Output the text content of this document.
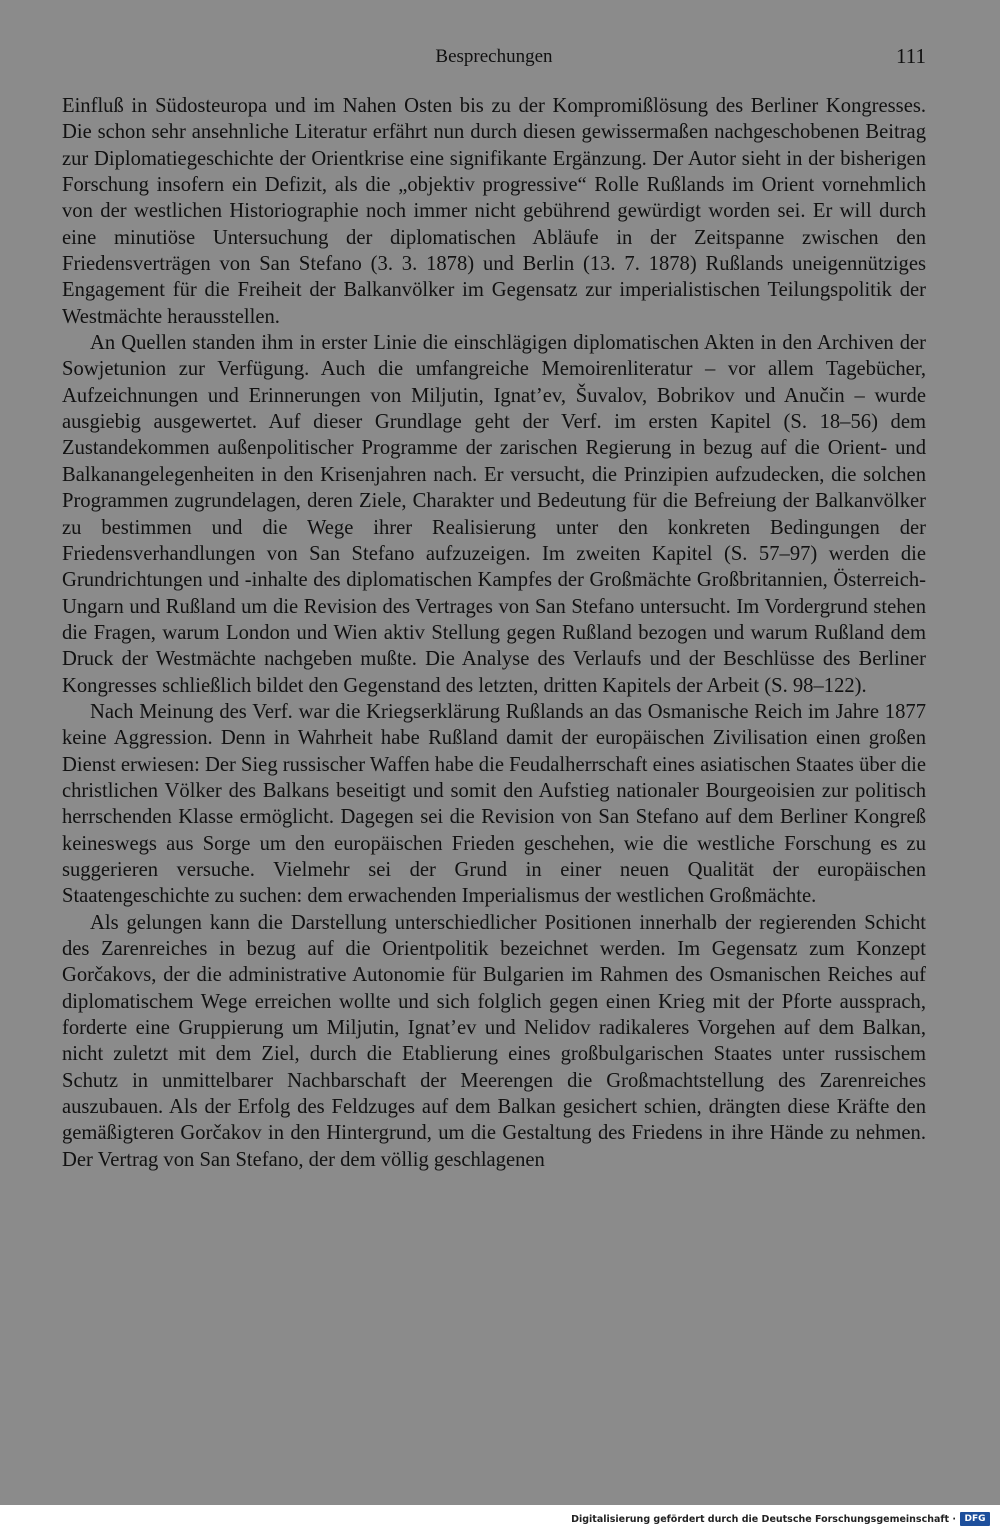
Besprechungen	111

Einfluß in Südosteuropa und im Nahen Osten bis zu der Kompromißlösung des Berliner Kongresses. Die schon sehr ansehnliche Literatur erfährt nun durch diesen gewissermaßen nachgeschobenen Beitrag zur Diplomatiegeschichte der Orientkrise eine signifikante Ergänzung. Der Autor sieht in der bisherigen Forschung insofern ein Defizit, als die „objektiv progressive“ Rolle Rußlands im Orient vornehmlich von der westlichen Historiographie noch immer nicht gebührend gewürdigt worden sei. Er will durch eine minutiöse Untersuchung der diplomatischen Abläufe in der Zeitspanne zwischen den Friedensverträgen von San Stefano (3. 3. 1878) und Berlin (13. 7. 1878) Rußlands uneigennütziges Engagement für die Freiheit der Balkanvölker im Gegensatz zur imperialistischen Teilungspolitik der Westmächte herausstellen.

An Quellen standen ihm in erster Linie die einschlägigen diplomatischen Akten in den Archiven der Sowjetunion zur Verfügung. Auch die umfangreiche Memoirenliteratur – vor allem Tagebücher, Aufzeichnungen und Erinnerungen von Miljutin, Ignat’ev, Šuvalov, Bobrikov und Anučin – wurde ausgiebig ausgewertet. Auf dieser Grundlage geht der Verf. im ersten Kapitel (S. 18–56) dem Zustandekommen außenpolitischer Programme der zarischen Regierung in bezug auf die Orient- und Balkanangelegenheiten in den Krisenjahren nach. Er versucht, die Prinzipien aufzudecken, die solchen Programmen zugrundelagen, deren Ziele, Charakter und Bedeutung für die Befreiung der Balkanvölker zu bestimmen und die Wege ihrer Realisierung unter den konkreten Bedingungen der Friedensverhandlungen von San Stefano aufzuzeigen. Im zweiten Kapitel (S. 57–97) werden die Grundrichtungen und -inhalte des diplomatischen Kampfes der Großmächte Großbritannien, Österreich-Ungarn und Rußland um die Revision des Vertrages von San Stefano untersucht. Im Vordergrund stehen die Fragen, warum London und Wien aktiv Stellung gegen Rußland bezogen und warum Rußland dem Druck der Westmächte nachgeben mußte. Die Analyse des Verlaufs und der Beschlüsse des Berliner Kongresses schließlich bildet den Gegenstand des letzten, dritten Kapitels der Arbeit (S. 98–122).

Nach Meinung des Verf. war die Kriegserklärung Rußlands an das Osmanische Reich im Jahre 1877 keine Aggression. Denn in Wahrheit habe Rußland damit der europäischen Zivilisation einen großen Dienst erwiesen: Der Sieg russischer Waffen habe die Feudalherrschaft eines asiatischen Staates über die christlichen Völker des Balkans beseitigt und somit den Aufstieg nationaler Bourgeoisien zur politisch herrschenden Klasse ermöglicht. Dagegen sei die Revision von San Stefano auf dem Berliner Kongreß keineswegs aus Sorge um den europäischen Frieden geschehen, wie die westliche Forschung es zu suggerieren versuche. Vielmehr sei der Grund in einer neuen Qualität der europäischen Staatengeschichte zu suchen: dem erwachenden Imperialismus der westlichen Großmächte.

Als gelungen kann die Darstellung unterschiedlicher Positionen innerhalb der regierenden Schicht des Zarenreiches in bezug auf die Orientpolitik bezeichnet werden. Im Gegensatz zum Konzept Gorčakovs, der die administrative Autonomie für Bulgarien im Rahmen des Osmanischen Reiches auf diplomatischem Wege erreichen wollte und sich folglich gegen einen Krieg mit der Pforte aussprach, forderte eine Gruppierung um Miljutin, Ignat’ev und Nelidov radikaleres Vorgehen auf dem Balkan, nicht zuletzt mit dem Ziel, durch die Etablierung eines großbulgarischen Staates unter russischem Schutz in unmittelbarer Nachbarschaft der Meerengen die Großmachtstellung des Zarenreiches auszubauen. Als der Erfolg des Feldzuges auf dem Balkan gesichert schien, drängten diese Kräfte den gemäßigteren Gorčakov in den Hintergrund, um die Gestaltung des Friedens in ihre Hände zu nehmen. Der Vertrag von San Stefano, der dem völlig geschlagenen

Digitalisierung gefördert durch die Deutsche Forschungsgemeinschaft · DFG
